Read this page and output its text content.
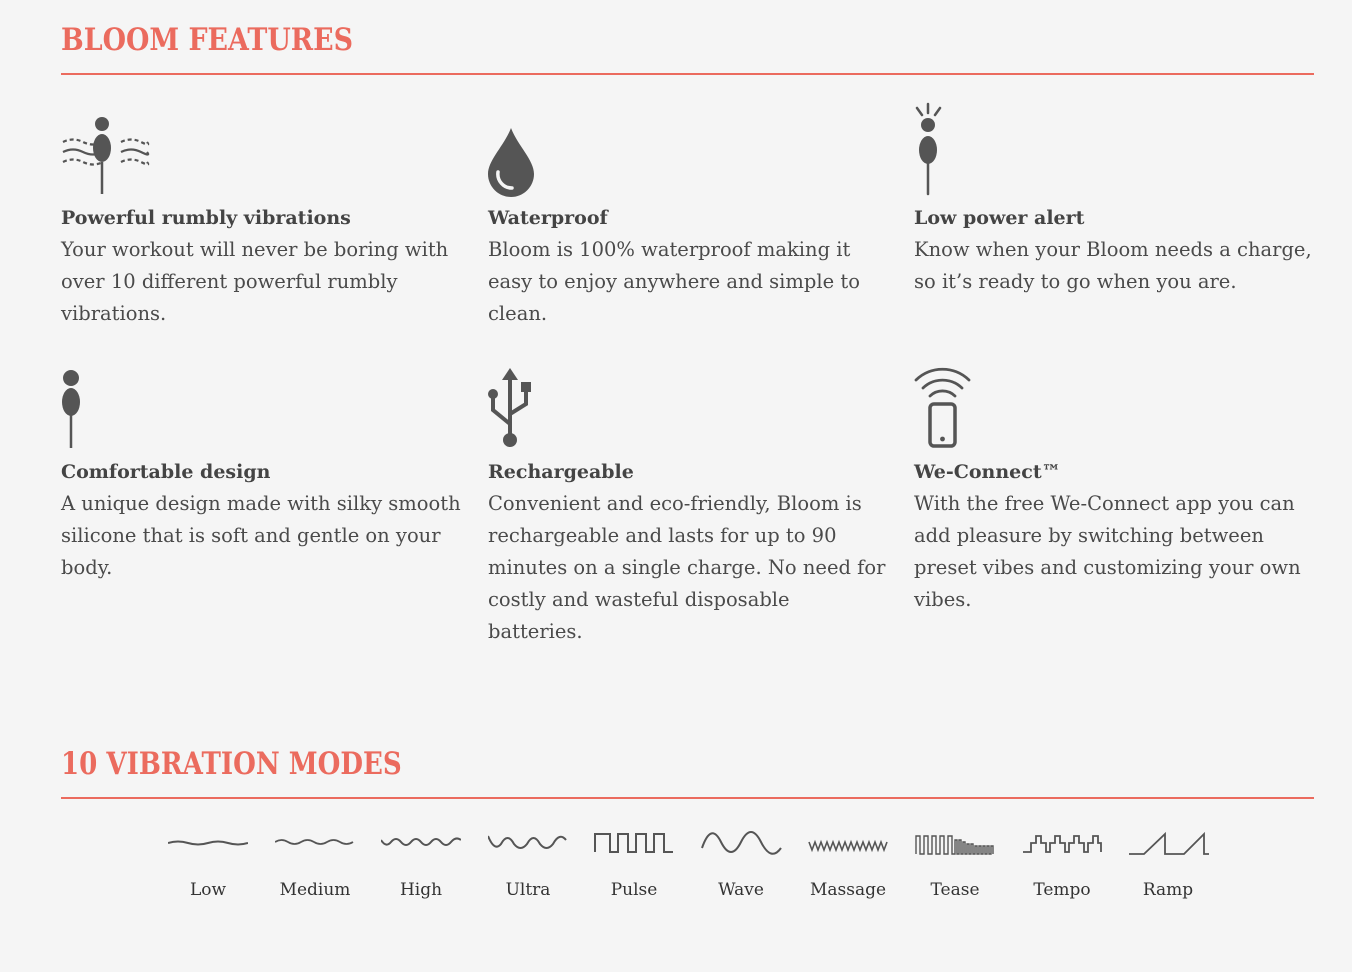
BLOOM FEATURES
Powerful rumbly vibrations

Your workout will never be boring with over 10 different powerful rumbly vibrations.

Waterproof

Bloom is 100% waterproof making it easy to enjoy anywhere and simple to clean.

Low power alert

Know when your Bloom needs a charge, so it’s ready to go when you are.

Comfortable design

A unique design made with silky smooth silicone that is soft and gentle on your body.

Rechargeable

Convenient and eco-friendly, Bloom is rechargeable and lasts for up to 90 minutes on a single charge. No need for costly and wasteful disposable batteries.

We-Connect™

With the free We-Connect app you can add pleasure by switching between preset vibes and customizing your own vibes.

10 VIBRATION MODES
Low	Medium	High	Ultra	Pulse	Wave	Massage	Tease	Tempo	Ramp
